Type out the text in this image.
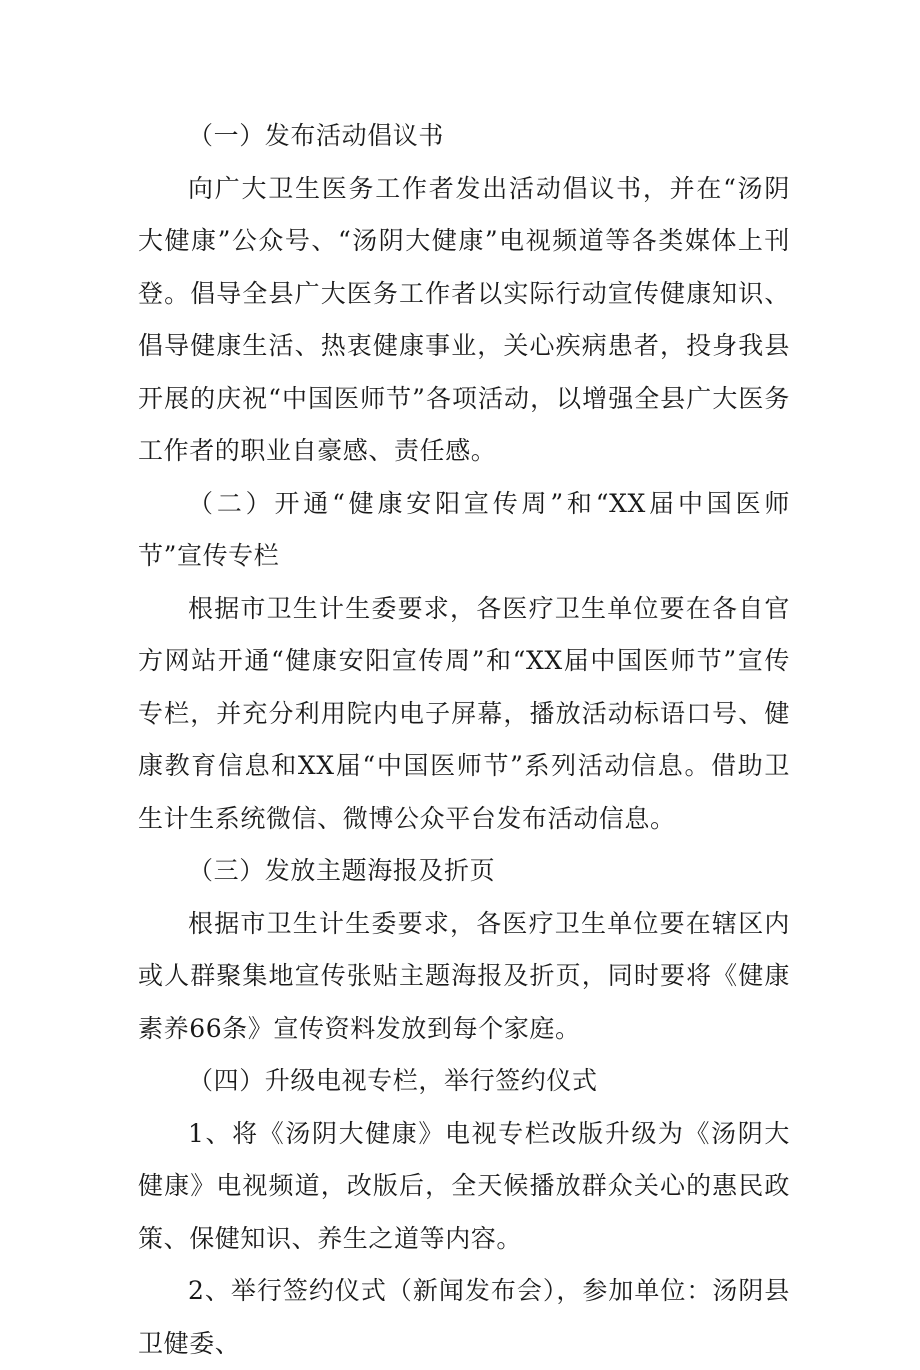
（一）发布活动倡议书

向广大卫生医务工作者发出活动倡议书，并在“汤阴大健康”公众号、“汤阴大健康”电视频道等各类媒体上刊登。倡导全县广大医务工作者以实际行动宣传健康知识、倡导健康生活、热衷健康事业，关心疾病患者，投身我县开展的庆祝“中国医师节”各项活动，以增强全县广大医务工作者的职业自豪感、责任感。

（二）开通“健康安阳宣传周”和“XX届中国医师节”宣传专栏

根据市卫生计生委要求，各医疗卫生单位要在各自官方网站开通“健康安阳宣传周”和“XX届中国医师节”宣传专栏，并充分利用院内电子屏幕，播放活动标语口号、健康教育信息和XX届“中国医师节”系列活动信息。借助卫生计生系统微信、微博公众平台发布活动信息。

（三）发放主题海报及折页

根据市卫生计生委要求，各医疗卫生单位要在辖区内或人群聚集地宣传张贴主题海报及折页，同时要将《健康素养66条》宣传资料发放到每个家庭。

（四）升级电视专栏，举行签约仪式

1、将《汤阴大健康》电视专栏改版升级为《汤阴大健康》电视频道，改版后，全天候播放群众关心的惠民政策、保健知识、养生之道等内容。

2、举行签约仪式（新闻发布会），参加单位：汤阴县卫健委、
